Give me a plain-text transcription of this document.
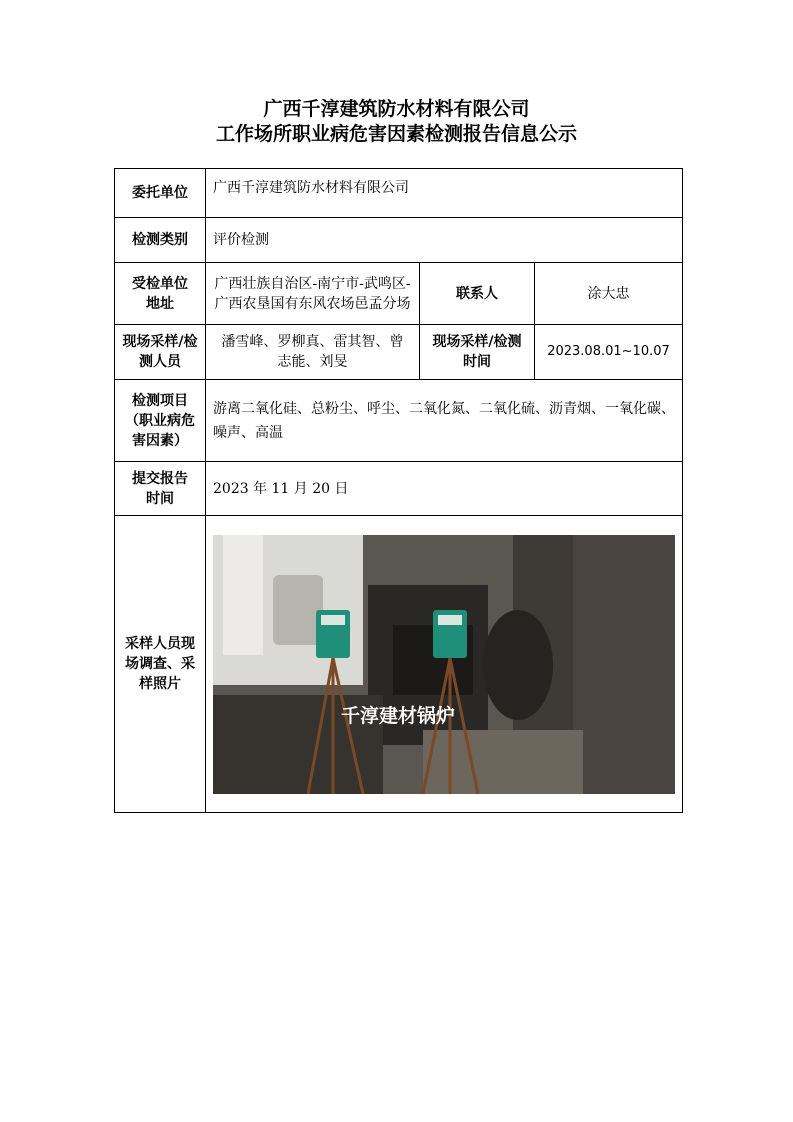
广西千淳建筑防水材料有限公司
工作场所职业病危害因素检测报告信息公示
委托单位	广西千淳建筑防水材料有限公司		
检测类别	评价检测		
受检单位地址	广西壮族自治区-南宁市-武鸣区-广西农垦国有东风农场邑孟分场	联系人	涂大忠
现场采样/检测人员	潘雪峰、罗柳真、雷其智、曾志能、刘旻	现场采样/检测时间	2023.08.01~10.07
检测项目（职业病危害因素）	游离二氧化硅、总粉尘、呼尘、二氧化氮、二氧化硫、沥青烟、一氧化碳、噪声、高温		
提交报告时间	2023 年 11 月 20 日		
采样人员现场调查、采样照片	千淳建材锅炉		
